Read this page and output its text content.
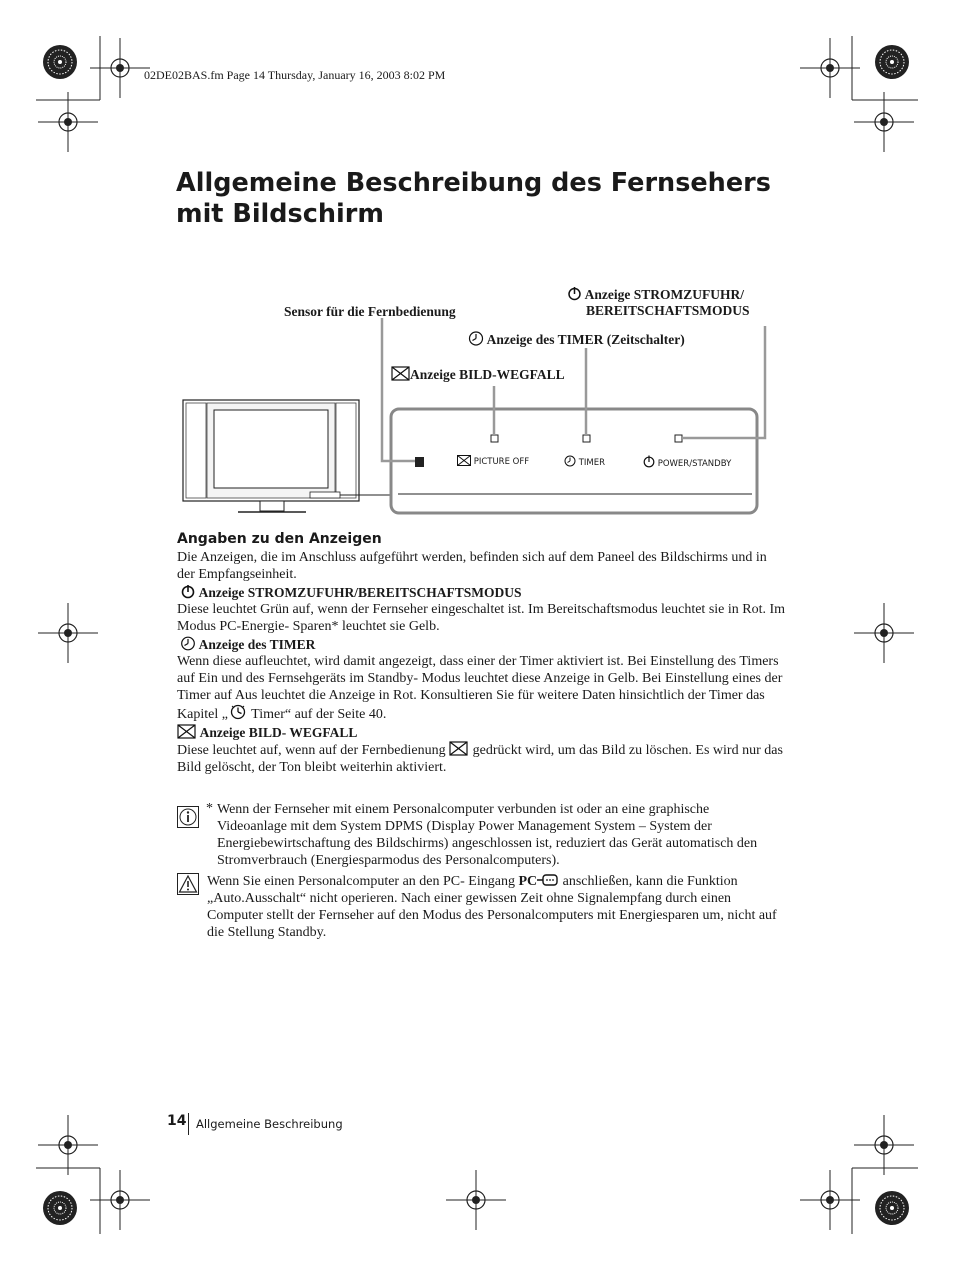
02DE02BAS.fm Page 14 Thursday, January 16, 2003 8:02 PM
Allgemeine Beschreibung des Fernsehers mit Bildschirm
Anzeige STROMZUFUHR/
BEREITSCHAFTSMODUS
Sensor für die Fernbedienung
Anzeige des TIMER (Zeitschalter)
Anzeige BILD-WEGFALL
PICTURE OFF	TIMER	POWER/STANDBY
Angaben zu den Anzeigen

Die Anzeigen, die im Anschluss aufgeführt werden, befinden sich auf dem Paneel des Bildschirms und in der Empfangseinheit.

Anzeige STROMZUFUHR/BEREITSCHAFTSMODUS

Diese leuchtet Grün auf, wenn der Fernseher eingeschaltet ist. Im Bereitschaftsmodus leuchtet sie in Rot. Im Modus PC-Energie- Sparen* leuchtet sie Gelb.

Anzeige des TIMER

Wenn diese aufleuchtet, wird damit angezeigt, dass einer der Timer aktiviert ist. Bei Einstellung des Timers auf Ein und des Fernsehgeräts im Standby- Modus leuchtet diese Anzeige in Gelb. Bei Einstellung eines der Timer auf Aus leuchtet die Anzeige in Rot. Konsultieren Sie für weitere Daten hinsichtlich der Timer das Kapitel „ Timer“ auf der Seite 40.

Anzeige BILD- WEGFALL

Diese leuchtet auf, wenn auf der Fernbedienung  gedrückt wird, um das Bild zu löschen. Es wird nur das Bild gelöscht, der Ton bleibt weiterhin aktiviert.

* Wenn der Fernseher mit einem Personalcomputer verbunden ist oder an eine graphische Videoanlage mit dem System DPMS (Display Power Management System – System der Energiebewirtschaftung des Bildschirms) angeschlossen ist, reduziert das Gerät automatisch den Stromverbrauch (Energiesparmodus des Personalcomputers).

Wenn Sie einen Personalcomputer an den PC- Eingang PC anschließen, kann die Funktion „Auto.Ausschalt“ nicht operieren. Nach einer gewissen Zeit ohne Signalempfang durch einen Computer stellt der Fernseher auf den Modus des Personalcomputers mit Energiesparen um, nicht auf die Stellung Standby.

14 Allgemeine Beschreibung
